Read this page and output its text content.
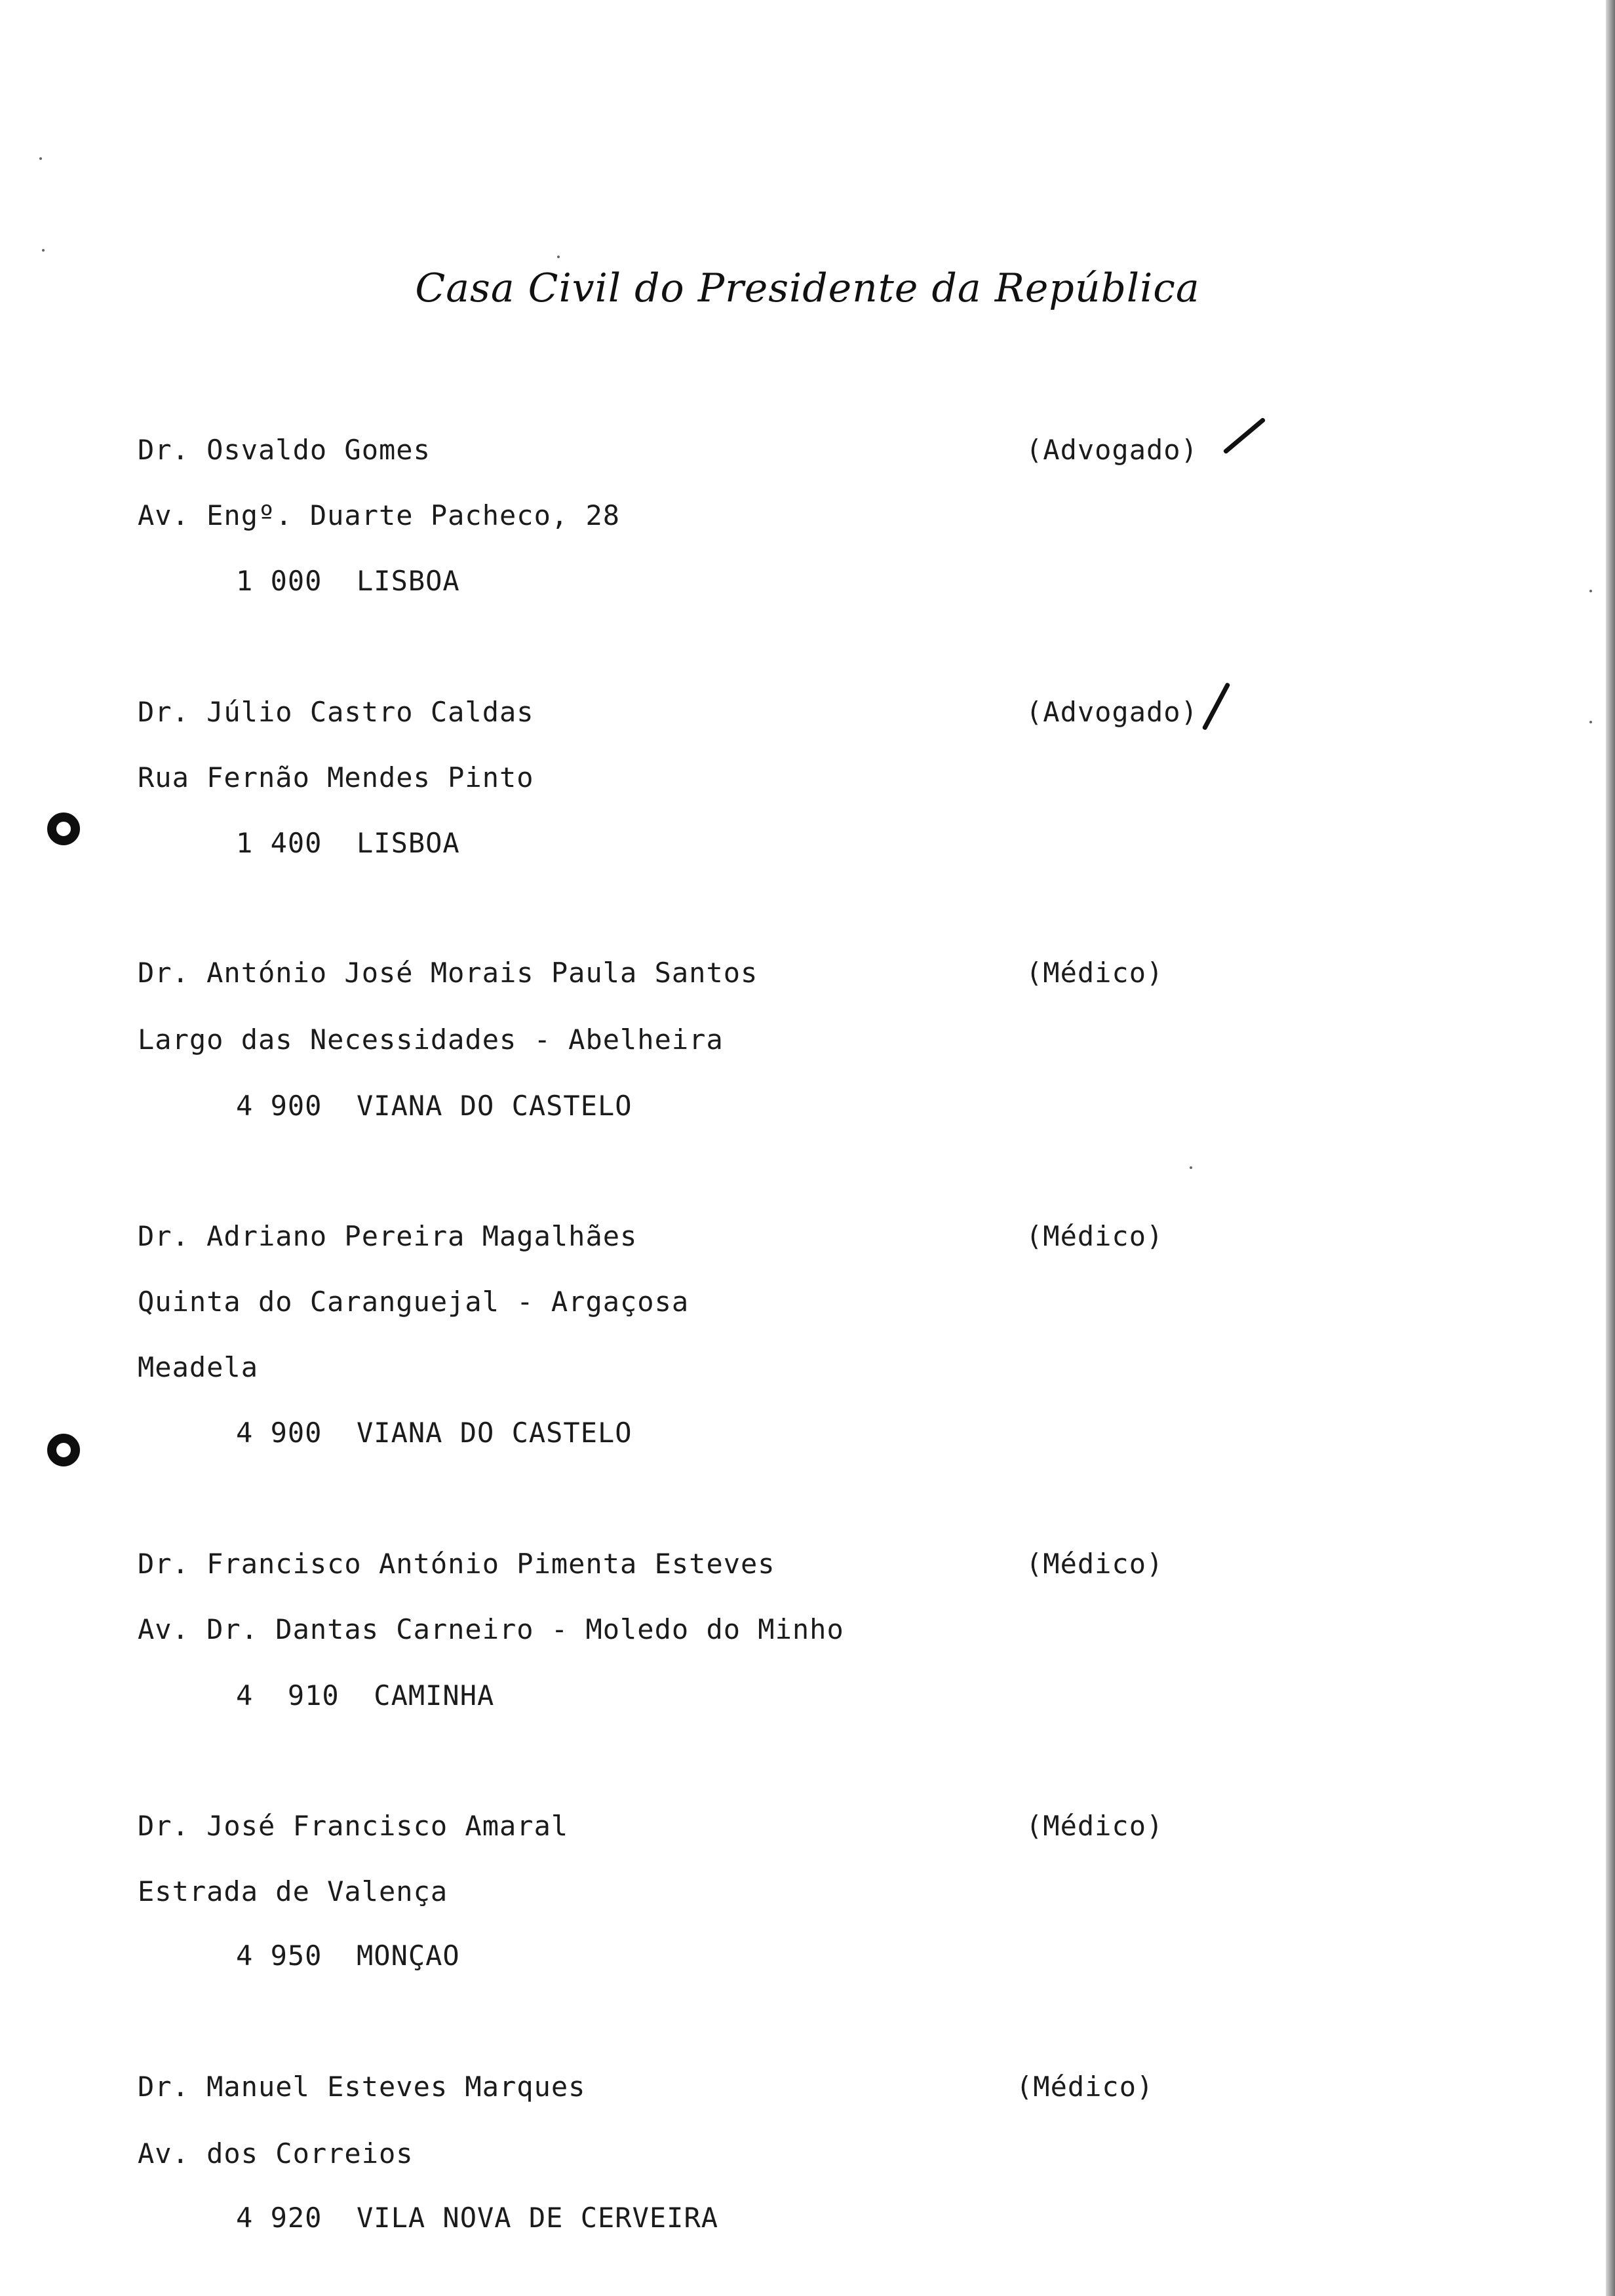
Casa Civil do Presidente da República
Dr. Osvaldo Gomes	(Advogado)
Av. Engº. Duarte Pacheco, 28
1 000  LISBOA
Dr. Júlio Castro Caldas	(Advogado)
Rua Fernão Mendes Pinto
1 400  LISBOA
Dr. António José Morais Paula Santos	(Médico)
Largo das Necessidades - Abelheira
4 900  VIANA DO CASTELO
Dr. Adriano Pereira Magalhães	(Médico)
Quinta do Caranguejal - Argaçosa
Meadela
4 900  VIANA DO CASTELO
Dr. Francisco António Pimenta Esteves	(Médico)
Av. Dr. Dantas Carneiro - Moledo do Minho
4  910  CAMINHA
Dr. José Francisco Amaral	(Médico)
Estrada de Valença
4 950  MONÇAO
Dr. Manuel Esteves Marques	(Médico)
Av. dos Correios
4 920  VILA NOVA DE CERVEIRA
